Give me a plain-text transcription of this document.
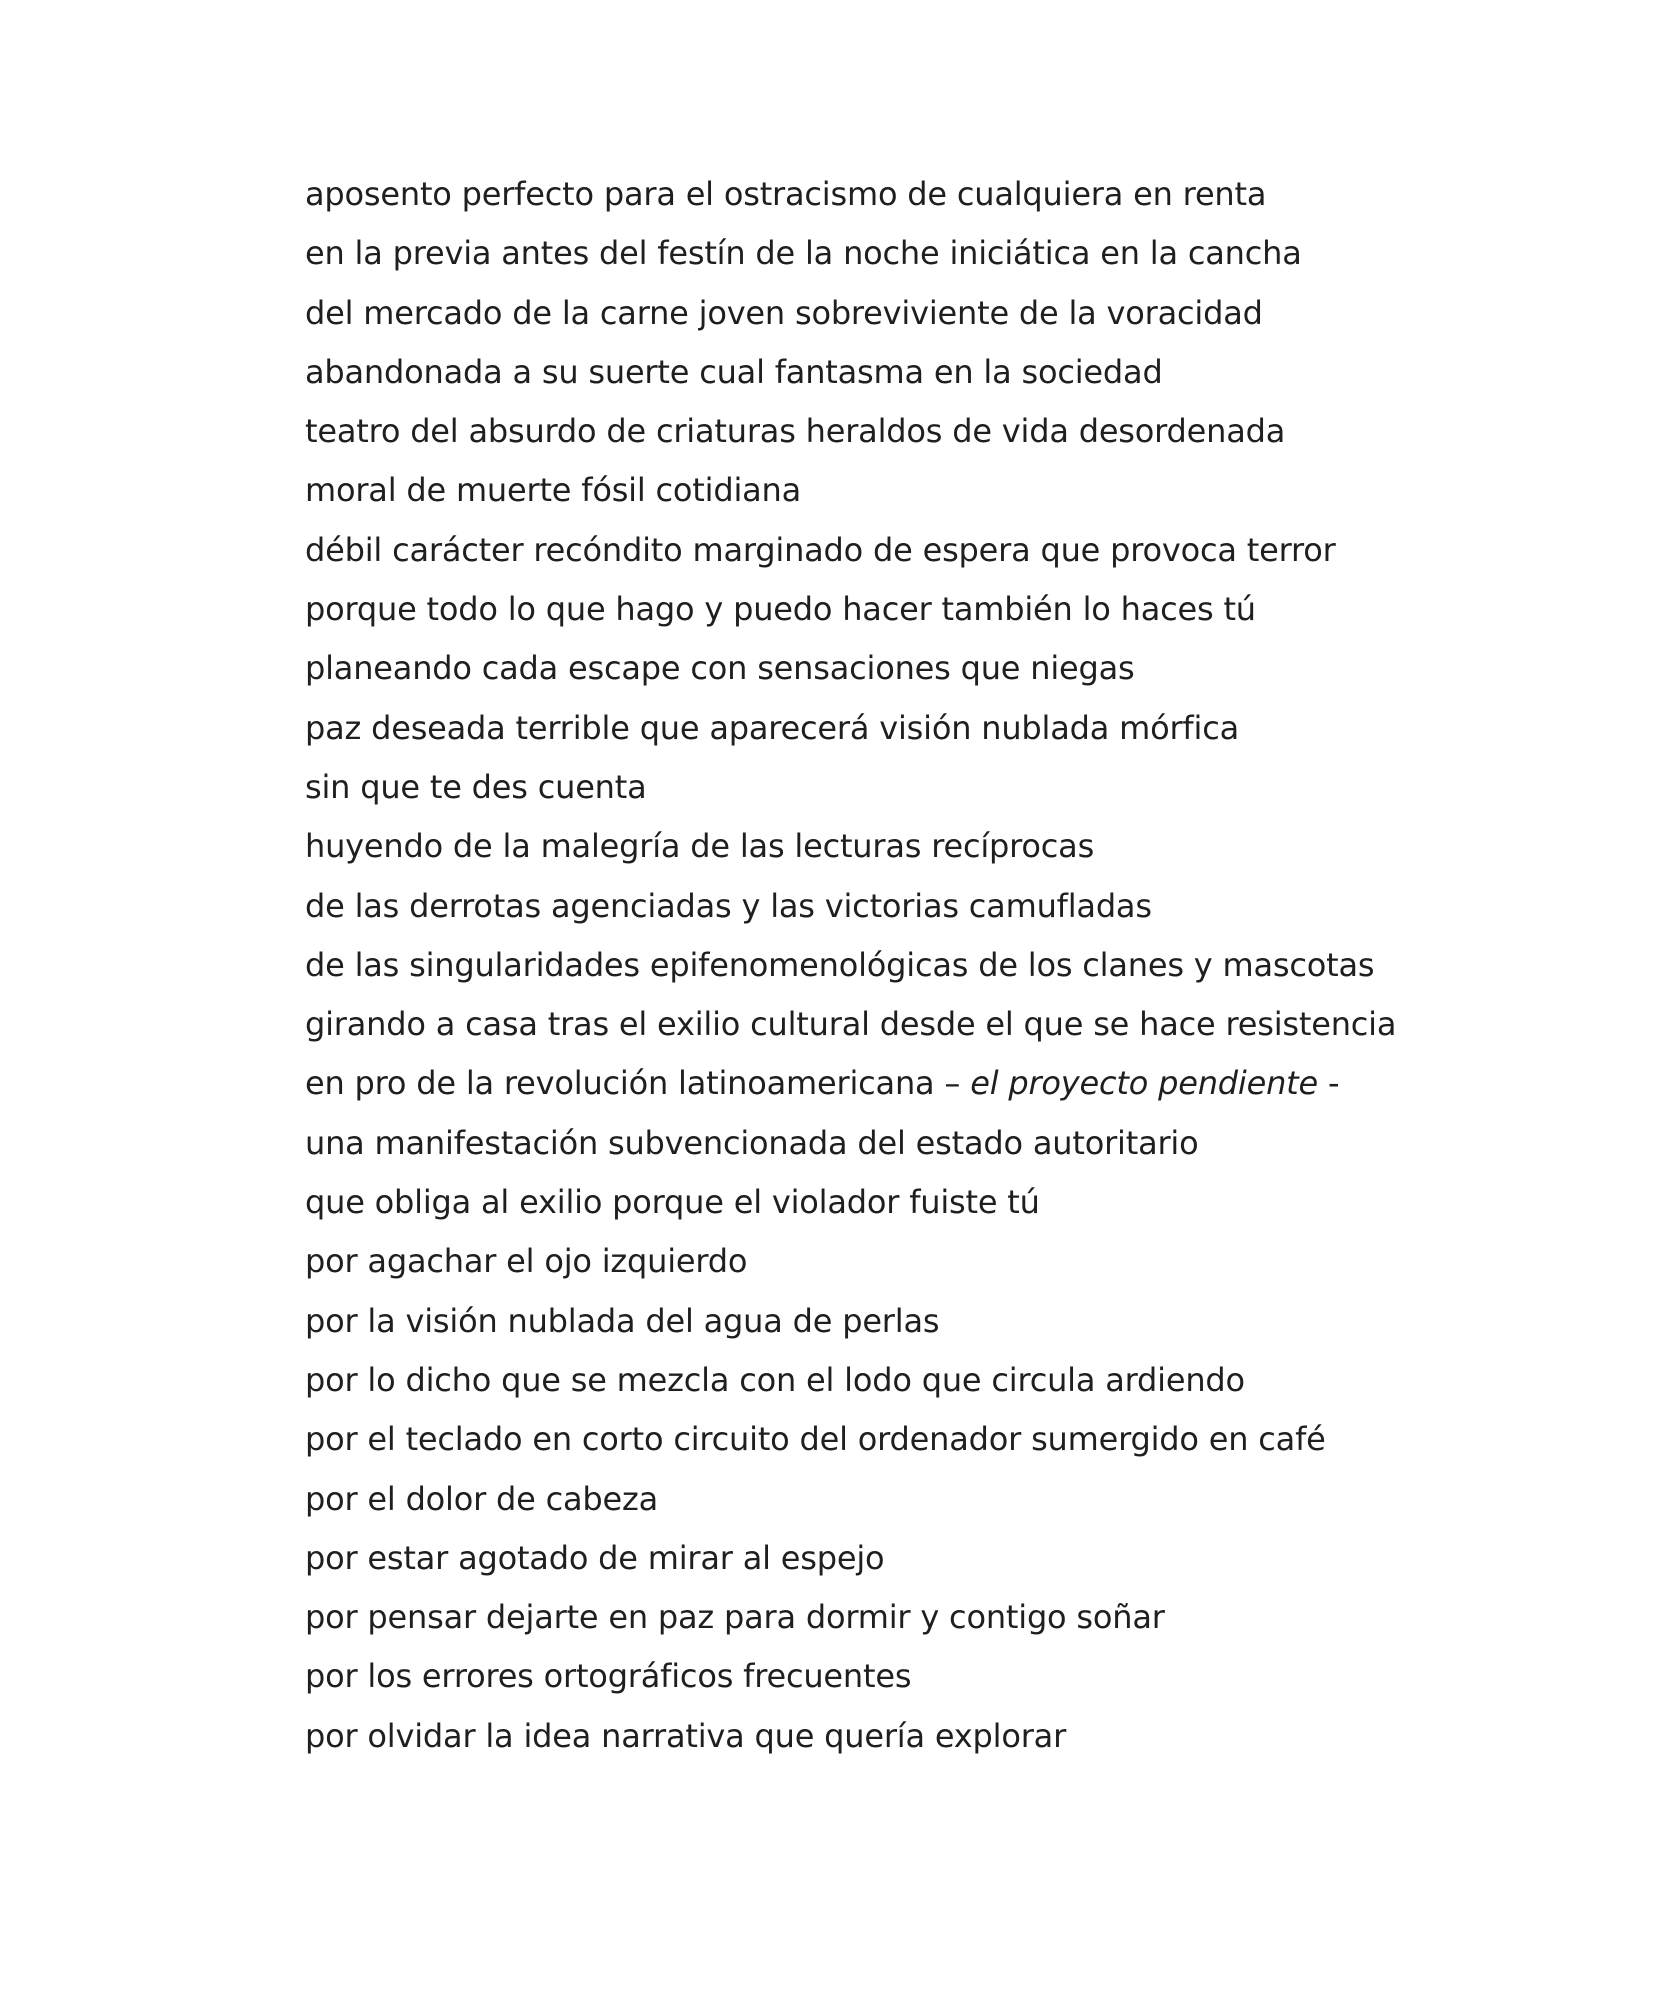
aposento perfecto para el ostracismo de cualquiera en renta
en la previa antes del festín de la noche iniciática en la cancha
del mercado de la carne joven sobreviviente de la voracidad
abandonada a su suerte cual fantasma en la sociedad
teatro del absurdo de criaturas heraldos de vida desordenada
moral de muerte fósil cotidiana
débil carácter recóndito marginado de espera que provoca terror
porque todo lo que hago y puedo hacer también lo haces tú
planeando cada escape con sensaciones que niegas
paz deseada terrible que aparecerá visión nublada mórfica
sin que te des cuenta
huyendo de la malegría de las lecturas recíprocas
de las derrotas agenciadas y las victorias camufladas
de las singularidades epifenomenológicas de los clanes y mascotas
girando a casa tras el exilio cultural desde el que se hace resistencia
en pro de la revolución latinoamericana – el proyecto pendiente -
una manifestación subvencionada del estado autoritario
que obliga al exilio porque el violador fuiste tú
por agachar el ojo izquierdo
por la visión nublada del agua de perlas
por lo dicho que se mezcla con el lodo que circula ardiendo
por el teclado en corto circuito del ordenador sumergido en café
por el dolor de cabeza
por estar agotado de mirar al espejo
por pensar dejarte en paz para dormir y contigo soñar
por los errores ortográficos frecuentes
por olvidar la idea narrativa que quería explorar
